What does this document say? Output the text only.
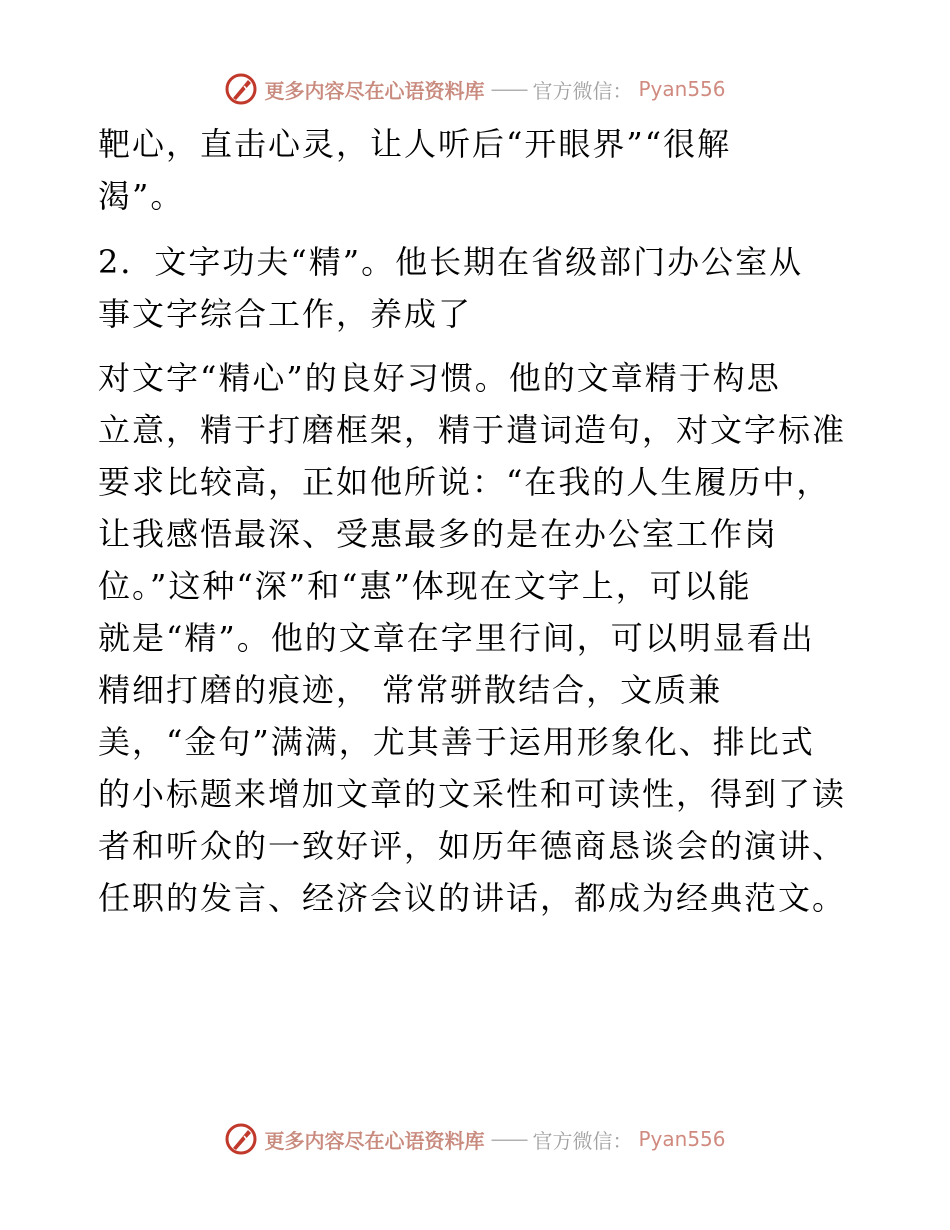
更多内容尽在心语资料库 —— 官方微信： Pyan556
靶心，直击心灵，让人听后“开眼界”“很解
渴”。
2．文字功夫“精”。他长期在省级部门办公室从
事文字综合工作，养成了
对文字“精心”的良好习惯。他的文章精于构思
立意，精于打磨框架，精于遣词造句，对文字标准
要求比较高，正如他所说：“在我的人生履历中，
让我感悟最深、受惠最多的是在办公室工作岗
位。”这种“深”和“惠”体现在文字上，可以能
就是“精”。他的文章在字里行间，可以明显看出
精细打磨的痕迹， 常常骈散结合，文质兼
美，“金句”满满，尤其善于运用形象化、排比式
的小标题来增加文章的文采性和可读性，得到了读
者和听众的一致好评，如历年德商恳谈会的演讲、
任职的发言、经济会议的讲话，都成为经典范文。
更多内容尽在心语资料库 —— 官方微信： Pyan556
